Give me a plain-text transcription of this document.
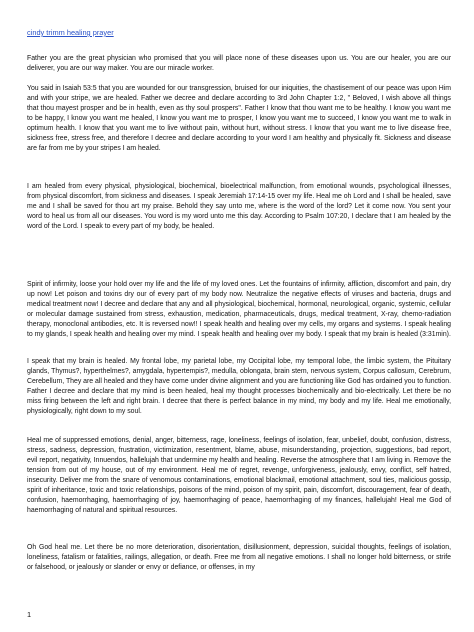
cindy trimm healing prayer

Father you are the great physician who promised that you will place none of these diseases upon us. You are our healer, you are our deliverer, you are our way maker. You are our miracle worker.

You said in Isaiah 53:5 that you are wounded for our transgression, bruised for our iniquities, the chastisement of our peace was upon Him and with your stripe, we are healed. Father we decree and declare according to 3rd John Chapter 1:2, " Beloved, I wish above all things that thou mayest prosper and be in health, even as thy soul prospers". Father I know that thou want me to be healthy. I know you want me to be happy, I know you want me healed, I know you want me to prosper, I know you want me to succeed, I know you want me to walk in optimum health. I know that you want me to live without pain, without hurt, without stress. I know that you want me to live disease free, sickness free, stress free, and therefore I decree and declare according to your word I am healthy and physically fit. Sickness and disease are far from me by your stripes I am healed.

I am healed from every physical, physiological, biochemical, bioelectrical malfunction, from emotional wounds, psychological illnesses, from physical discomfort, from sickness and diseases. I speak Jeremiah 17:14-15 over my life. Heal me oh Lord and I shall be healed, save me and I shall be saved for thou art my praise. Behold they say unto me, where is the word of the lord? Let it come now. You sent your word to heal us from all our diseases. You word is my word unto me this day. According to Psalm 107:20, I declare that I am healed by the word of the Lord. I speak to every part of my body, be healed.

Spirit of infirmity, loose your hold over my life and the life of my loved ones. Let the fountains of infirmity, affliction, discomfort and pain, dry up now! Let poison and toxins dry our of every part of my body now. Neutralize the negative effects of viruses and bacteria, drugs and medical treatment now! I decree and declare that any and all physiological, biochemical, hormonal, neurological, organic, systemic, cellular or molecular damage sustained from stress, exhaustion, medication, pharmaceuticals, drugs, medical treatment, X-ray, chemo-radiation therapy, monoclonal antibodies, etc. It is reversed now!! I speak health and healing over my cells, my organs and systems. I speak healing to my glands, I speak health and healing over my mind. I speak health and healing over my body. I speak that my brain is healed (3:31min).

I speak that my brain is healed. My frontal lobe, my parietal lobe, my Occipital lobe, my temporal lobe, the limbic system, the Pituitary glands, Thymus?, hyperthelmes?, amygdala, hypertempis?, medulla, oblongata, brain stem, nervous system, Corpus callosum, Cerebrum, Cerebellum, They are all healed and they have come under divine alignment and you are functioning like God has ordained you to function. Father I decree and declare that my mind is been healed, heal my thought processes biochemically and bio-electrically. Let there be no miss firing between the left and right brain. I decree that there is perfect balance in my mind, my body and my life. Heal me emotionally, physiologically, right down to my soul.

Heal me of suppressed emotions, denial, anger, bitterness, rage, loneliness, feelings of isolation, fear, unbelief, doubt, confusion, distress, stress, sadness, depression, frustration, victimization, resentment, blame, abuse, misunderstanding, projection, suggestions, bad report, evil report, negativity, Innuendos, hallelujah that undermine my health and healing. Reverse the atmosphere that I am living in. Remove the tension from out of my house, out of my environment. Heal me of regret, revenge, unforgiveness, jealously, envy, conflict, self hatred, insecurity. Deliver me from the snare of venomous contaminations, emotional blackmail, emotional attachment, soul ties, malicious gossip, spirit of inheritance, toxic and toxic relationships, poisons of the mind, poison of my spirit, pain, discomfort, discouragement, fear of death, confusion, haemorrhaging, haemorrhaging of joy, haemorrhaging of peace, haemorrhaging of my finances, hallelujah! Heal me God of haemorrhaging of natural and spiritual resources.

Oh God heal me. Let there be no more deterioration, disorientation, disillusionment, depression, suicidal thoughts, feelings of isolation, loneliness, fatalism or fatalities, railings, allegation, or death. Free me from all negative emotions. I shall no longer hold bitterness, or strife or falsehood, or jealously or slander or envy or defiance, or offenses, in my

1
